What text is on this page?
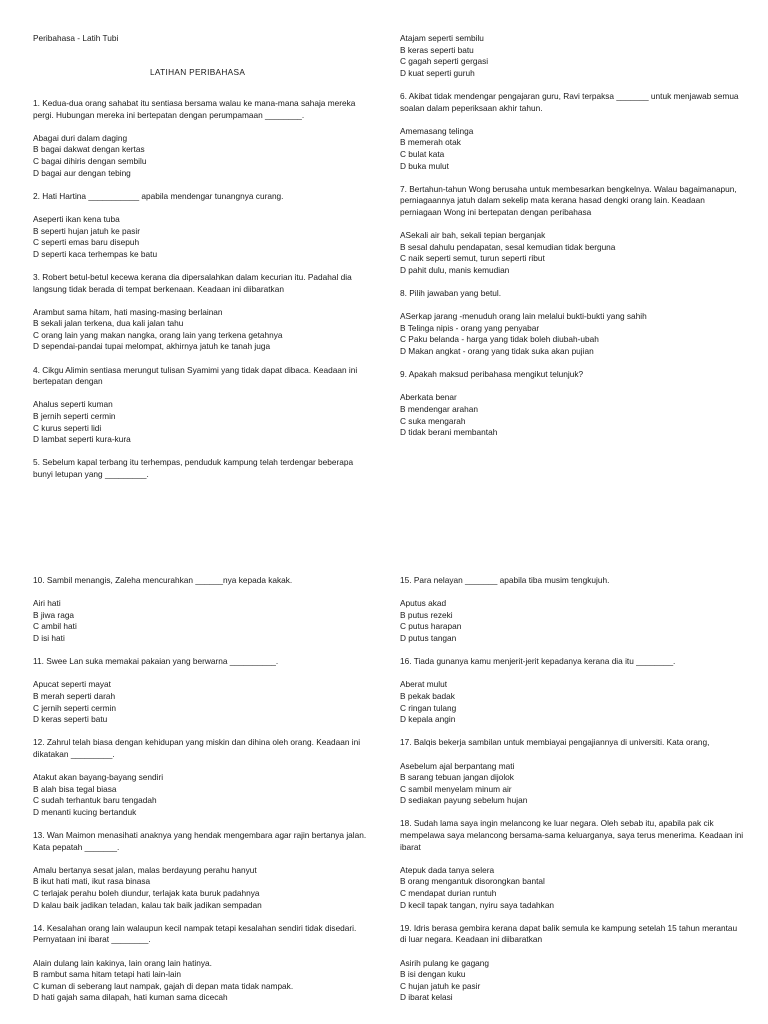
Peribahasa - Latih Tubi
LATIHAN PERIBAHASA
1. Kedua-dua orang sahabat itu sentiasa bersama walau ke mana-mana sahaja mereka pergi. Hubungan mereka ini bertepatan dengan perumpamaan ________.
Abagai duri dalam daging
B bagai dakwat dengan kertas
C bagai dihiris dengan sembilu
D bagai aur dengan tebing
2. Hati Hartina ___________ apabila mendengar tunangnya curang.
Aseperti ikan kena tuba
B seperti hujan jatuh ke pasir
C seperti emas baru disepuh
D seperti kaca terhempas ke batu
3. Robert betul-betul kecewa kerana dia dipersalahkan dalam kecurian itu. Padahal dia langsung tidak berada di tempat berkenaan. Keadaan ini diibaratkan
Arambut sama hitam, hati masing-masing berlainan
B sekali jalan terkena, dua kali jalan tahu
C orang lain yang makan nangka, orang lain yang terkena getahnya
D sependai-pandai tupai melompat, akhirnya jatuh ke tanah juga
4. Cikgu Alimin sentiasa merungut tulisan Syamimi yang tidak dapat dibaca. Keadaan ini bertepatan dengan
Ahalus seperti kuman
B jernih seperti cermin
C kurus seperti lidi
D lambat seperti kura-kura
5. Sebelum kapal terbang itu terhempas, penduduk kampung telah terdengar beberapa bunyi letupan yang _________.
Atajam seperti sembilu
B keras seperti batu
C gagah seperti gergasi
D kuat seperti guruh
6. Akibat tidak mendengar pengajaran guru, Ravi terpaksa _______ untuk menjawab semua soalan dalam peperiksaan akhir tahun.
Amemasang telinga
B memerah otak
C bulat kata
D buka mulut
7. Bertahun-tahun Wong berusaha untuk membesarkan bengkelnya. Walau bagaimanapun, perniagaannya jatuh dalam sekelip mata kerana hasad dengki orang lain. Keadaan perniagaan Wong ini bertepatan dengan peribahasa
ASekali air bah, sekali tepian berganjak
B sesal dahulu pendapatan, sesal kemudian tidak berguna
C naik seperti semut, turun seperti ribut
D pahit dulu, manis kemudian
8. Pilih jawaban yang betul.
ASerkap jarang -menuduh orang lain melalui bukti-bukti yang sahih
B Telinga nipis - orang yang penyabar
C Paku belanda - harga yang tidak boleh diubah-ubah
D Makan angkat - orang yang tidak suka akan pujian
9. Apakah maksud peribahasa mengikut telunjuk?
Aberkata benar
B mendengar arahan
C suka mengarah
D tidak berani membantah
10. Sambil menangis, Zaleha mencurahkan ______nya kepada kakak.
Airi hati
B jiwa raga
C ambil hati
D isi hati
11. Swee Lan suka memakai pakaian yang berwarna __________.
Apucat seperti mayat
B merah seperti darah
C jernih seperti cermin
D keras seperti batu
12. Zahrul telah biasa dengan kehidupan yang miskin dan dihina oleh orang. Keadaan ini dikatakan _________.
Atakut akan bayang-bayang sendiri
B alah bisa tegal biasa
C sudah terhantuk baru tengadah
D menanti kucing bertanduk
13. Wan Maimon menasihati anaknya yang hendak mengembara agar rajin bertanya jalan. Kata pepatah _______.
Amalu bertanya sesat jalan, malas berdayung perahu hanyut
B ikut hati mati, ikut rasa binasa
C terlajak perahu boleh diundur, terlajak kata buruk padahnya
D kalau baik jadikan teladan, kalau tak baik jadikan sempadan
14. Kesalahan orang lain walaupun kecil nampak tetapi kesalahan sendiri tidak disedari. Pernyataan ini ibarat ________.
Alain dulang lain kakinya, lain orang lain hatinya.
B rambut sama hitam tetapi hati lain-lain
C kuman di seberang laut nampak, gajah di depan mata tidak nampak.
D hati gajah sama dilapah, hati kuman sama dicecah
15. Para nelayan _______ apabila tiba musim tengkujuh.
Aputus akad
B putus rezeki
C putus harapan
D putus tangan
16. Tiada gunanya kamu menjerit-jerit kepadanya kerana dia itu ________.
Aberat mulut
B pekak badak
C ringan tulang
D kepala angin
17. Balqis bekerja sambilan untuk membiayai pengajiannya di universiti. Kata orang,
Asebelum ajal berpantang mati
B sarang tebuan jangan dijolok
C sambil menyelam minum air
D sediakan payung sebelum hujan
18. Sudah lama saya ingin melancong ke luar negara. Oleh sebab itu, apabila pak cik mempelawa saya melancong bersama-sama keluarganya, saya terus menerima. Keadaan ini ibarat
Atepuk dada tanya selera
B orang mengantuk disorongkan bantal
C mendapat durian runtuh
D kecil tapak tangan, nyiru saya tadahkan
19. Idris berasa gembira kerana dapat balik semula ke kampung setelah 15 tahun merantau di luar negara. Keadaan ini diibaratkan
Asirih pulang ke gagang
B isi dengan kuku
C hujan jatuh ke pasir
D ibarat kelasi
